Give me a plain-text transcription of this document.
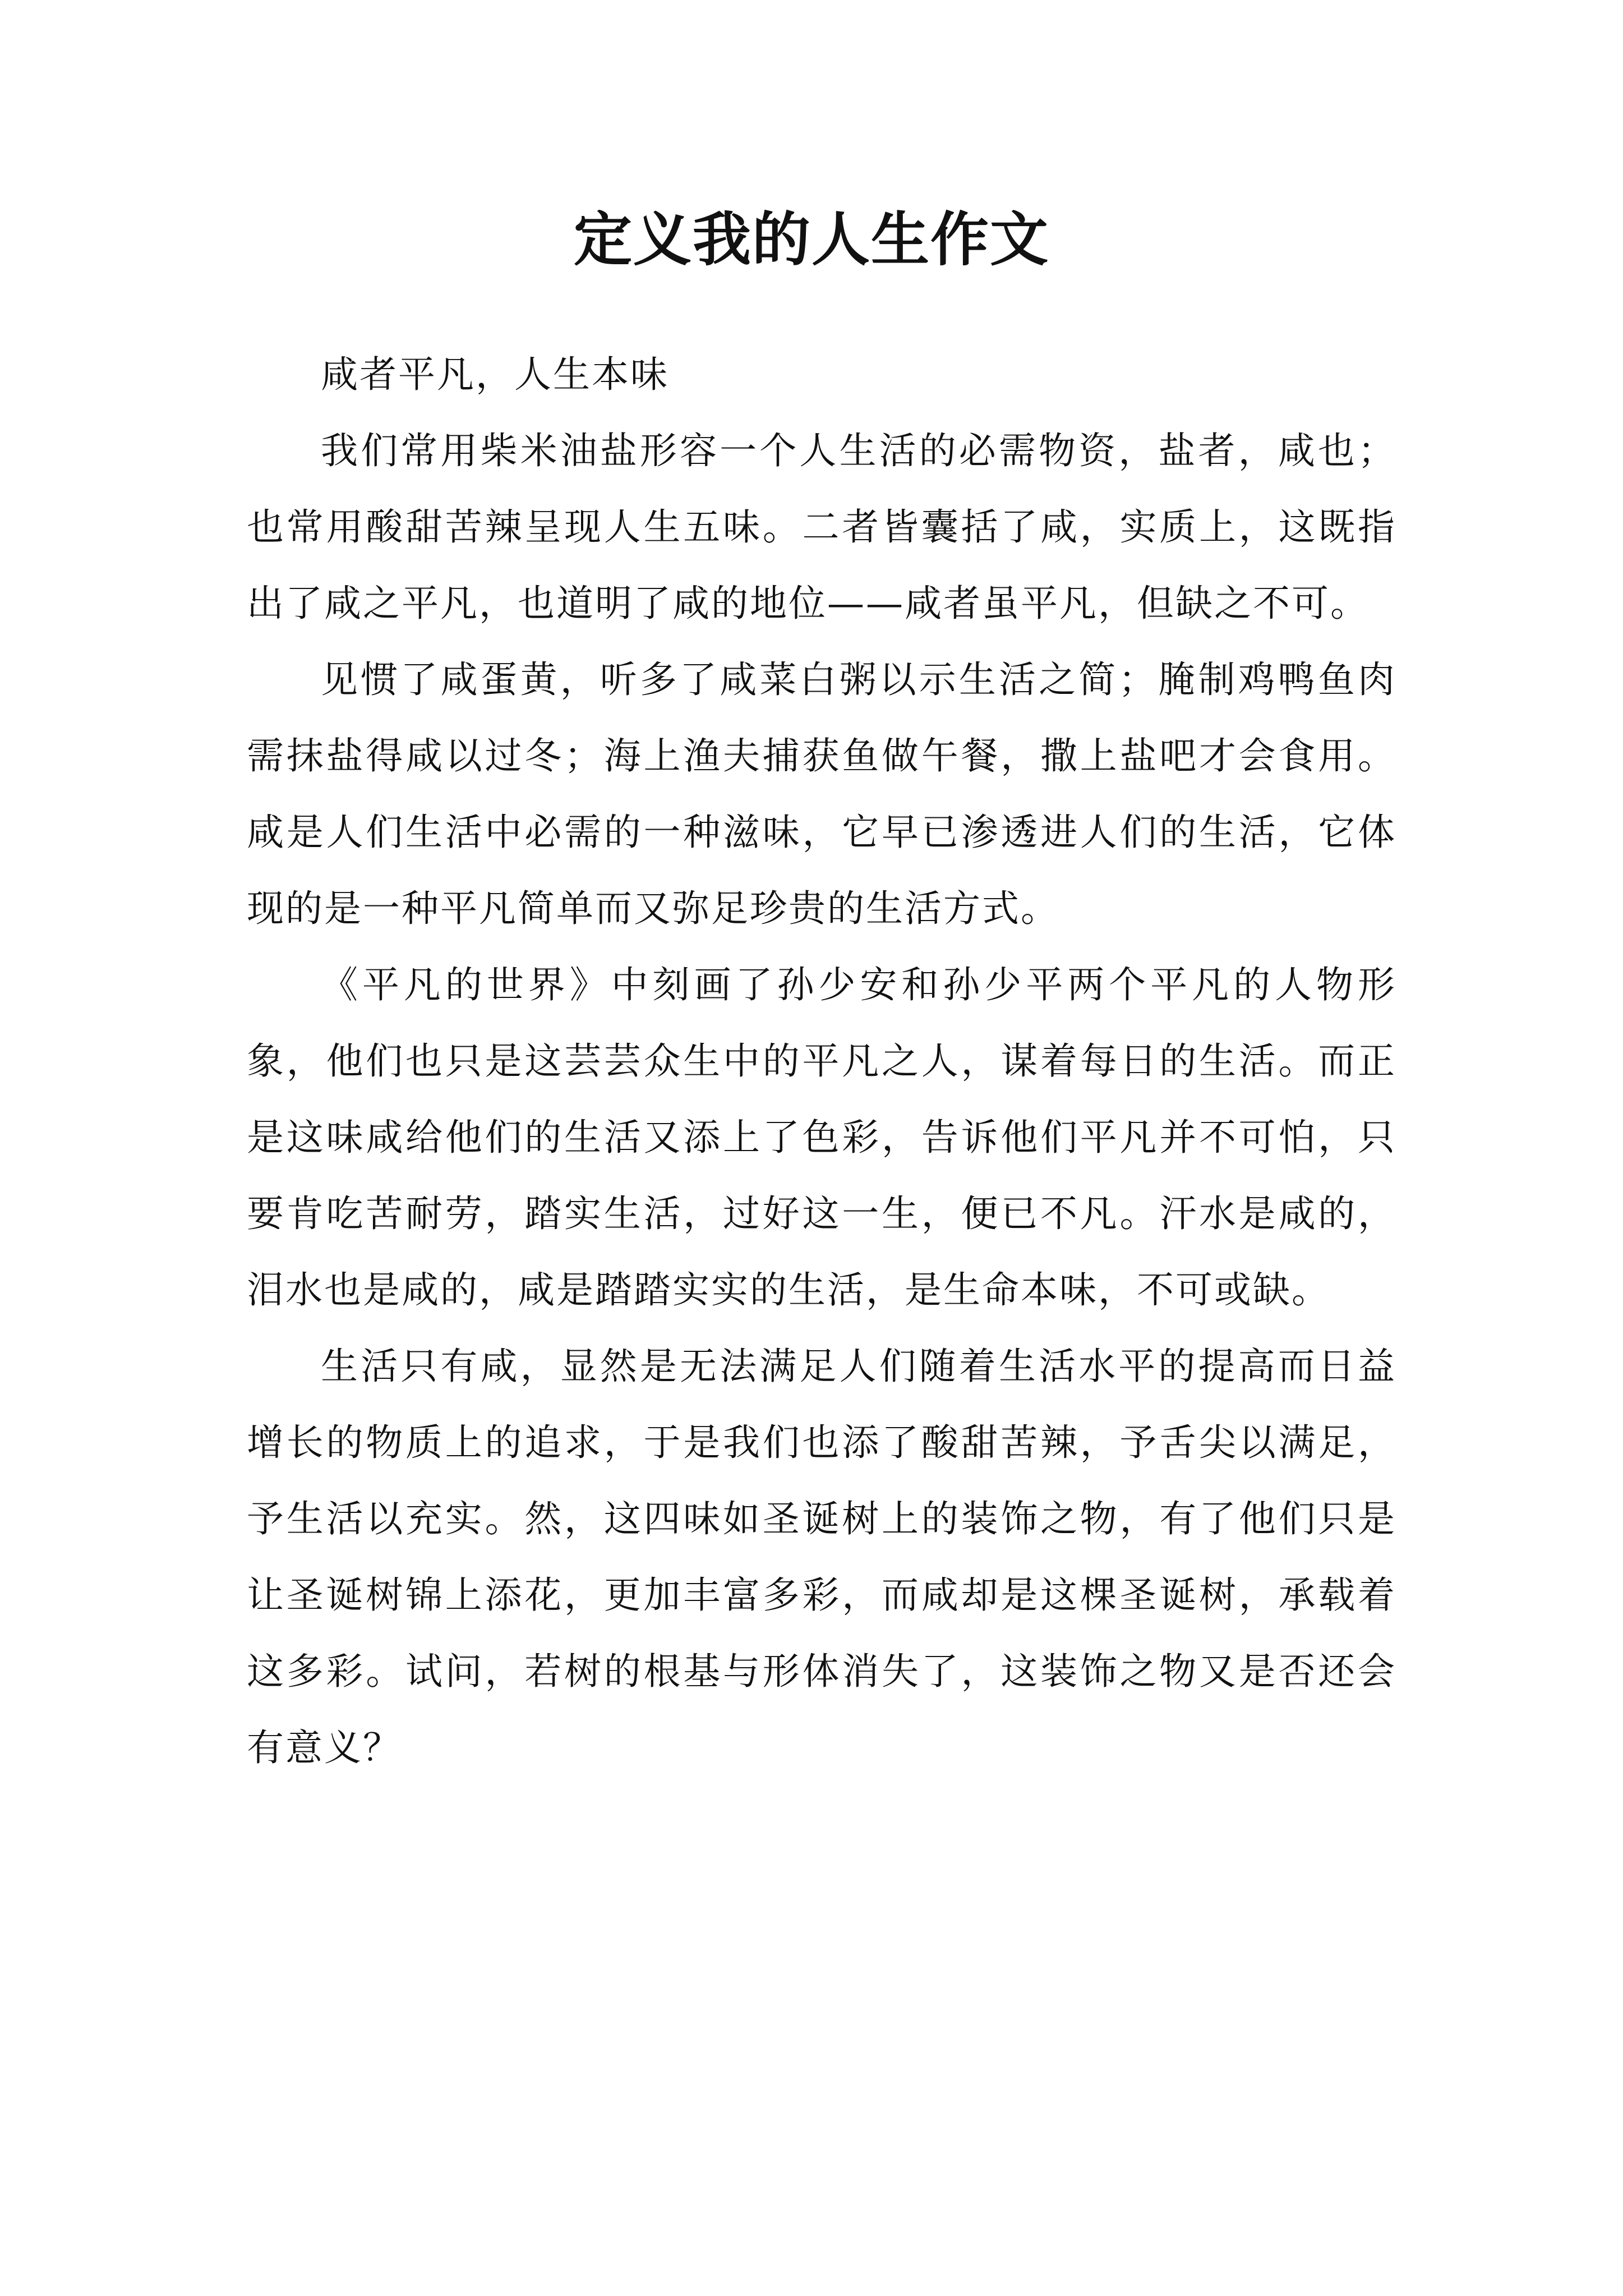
定义我的人生作文

咸者平凡，人生本味

我们常用柴米油盐形容一个人生活的必需物资，盐者，咸也；也常用酸甜苦辣呈现人生五味。二者皆囊括了咸，实质上，这既指出了咸之平凡，也道明了咸的地位——咸者虽平凡，但缺之不可。

见惯了咸蛋黄，听多了咸菜白粥以示生活之简；腌制鸡鸭鱼肉需抹盐得咸以过冬；海上渔夫捕获鱼做午餐，撒上盐吧才会食用。咸是人们生活中必需的一种滋味，它早已渗透进人们的生活，它体现的是一种平凡简单而又弥足珍贵的生活方式。

《平凡的世界》中刻画了孙少安和孙少平两个平凡的人物形象，他们也只是这芸芸众生中的平凡之人，谋着每日的生活。而正是这味咸给他们的生活又添上了色彩，告诉他们平凡并不可怕，只要肯吃苦耐劳，踏实生活，过好这一生，便已不凡。汗水是咸的，泪水也是咸的，咸是踏踏实实的生活，是生命本味，不可或缺。

生活只有咸，显然是无法满足人们随着生活水平的提高而日益增长的物质上的追求，于是我们也添了酸甜苦辣，予舌尖以满足，予生活以充实。然，这四味如圣诞树上的装饰之物，有了他们只是让圣诞树锦上添花，更加丰富多彩，而咸却是这棵圣诞树，承载着这多彩。试问，若树的根基与形体消失了，这装饰之物又是否还会有意义？
